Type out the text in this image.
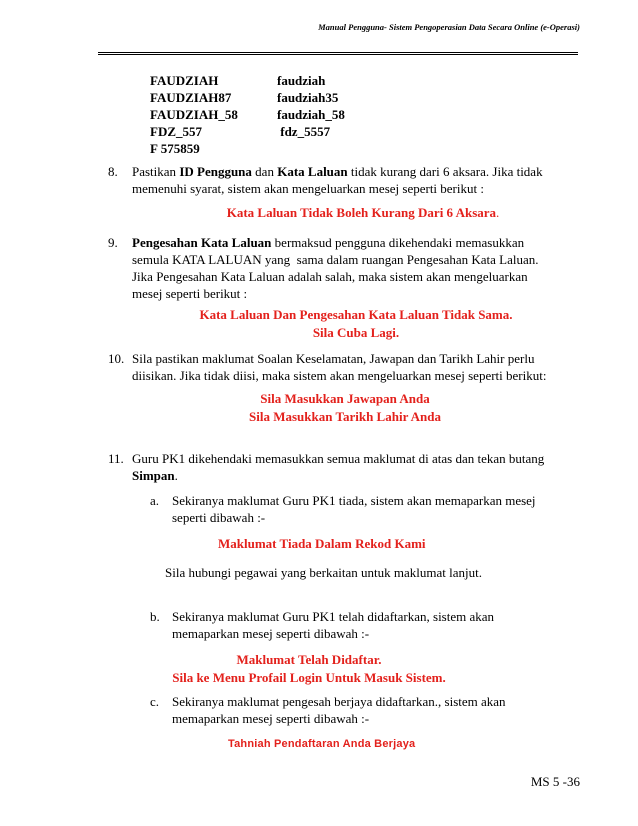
Manual Pengguna- Sistem Pengoperasian Data Secara Online (e-Operasi)
FAUDZIAH	faudziah
FAUDZIAH87	faudziah35
FAUDZIAH_58	faudziah_58
FDZ_557	fdz_5557
F 575859
8. Pastikan ID Pengguna dan Kata Laluan tidak kurang dari 6 aksara. Jika tidak
memenuhi syarat, sistem akan mengeluarkan mesej seperti berikut :
Kata Laluan Tidak Boleh Kurang Dari 6 Aksara.
9. Pengesahan Kata Laluan bermaksud pengguna dikehendaki memasukkan
semula KATA LALUAN yang  sama dalam ruangan Pengesahan Kata Laluan.
Jika Pengesahan Kata Laluan adalah salah, maka sistem akan mengeluarkan
mesej seperti berikut :
Kata Laluan Dan Pengesahan Kata Laluan Tidak Sama.
Sila Cuba Lagi.
10. Sila pastikan maklumat Soalan Keselamatan, Jawapan dan Tarikh Lahir perlu
diisikan. Jika tidak diisi, maka sistem akan mengeluarkan mesej seperti berikut:
Sila Masukkan Jawapan Anda
Sila Masukkan Tarikh Lahir Anda
11. Guru PK1 dikehendaki memasukkan semua maklumat di atas dan tekan butang
Simpan.
a. Sekiranya maklumat Guru PK1 tiada, sistem akan memaparkan mesej
seperti dibawah :-
Maklumat Tiada Dalam Rekod Kami
Sila hubungi pegawai yang berkaitan untuk maklumat lanjut.
b. Sekiranya maklumat Guru PK1 telah didaftarkan, sistem akan
memaparkan mesej seperti dibawah :-
Maklumat Telah Didaftar.
Sila ke Menu Profail Login Untuk Masuk Sistem.
c. Sekiranya maklumat pengesah berjaya didaftarkan., sistem akan
memaparkan mesej seperti dibawah :-
Tahniah Pendaftaran Anda Berjaya
MS 5 -36
